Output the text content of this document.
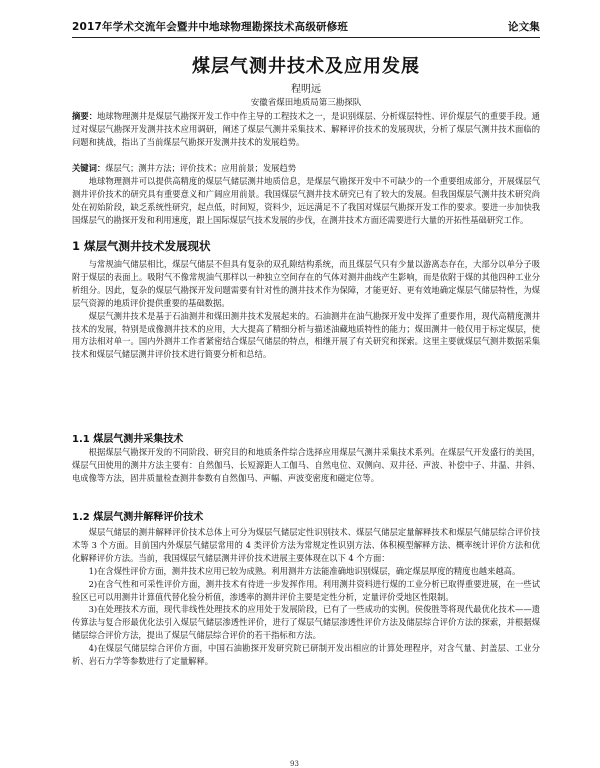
2017年学术交流年会暨井中地球物理勘探技术高级研修班	论文集
煤层气测井技术及应用发展
程明远
安徽省煤田地质局第三勘探队

摘要：地球物理测井是煤层气勘探开发工作中作主导的工程技术之一，是识别煤层、分析煤层特性、评价煤层气的重要手段。通过对煤层气勘探开发测井技术应用调研，阐述了煤层气测井采集技术、解释评价技术的发展现状，分析了煤层气测井技术面临的问题和挑战，指出了当前煤层气勘探开发测井技术的发展趋势。

关键词：煤层气；测井方法；评价技术；应用前景；发展趋势

地球物理测井可以提供高精度的煤层气储层测井地质信息，是煤层气勘探开发中不可缺少的一个重要组成部分，开展煤层气测井评价技术的研究具有重要意义和广阔应用前景。我国煤层气测井技术研究已有了较大的发展。但我国煤层气测井技术研究尚处在初始阶段，缺乏系统性研究，起点低，时间短，资料少，远远满足不了我国对煤层气勘探开发工作的要求。要进一步加快我国煤层气的勘探开发和利用速度，跟上国际煤层气技术发展的步伐，在测井技术方面还需要进行大量的开拓性基础研究工作。

1 煤层气测井技术发展现状

与常规油气储层相比，煤层气储层不但具有复杂的双孔隙结构系统，而且煤层气只有少量以游离态存在，大部分以单分子吸附于煤层的表面上。吸附气不像常规油气那样以一种独立空间存在的气体对测井曲线产生影响，而是依附于煤的其他四种工业分析组分。因此，复杂的煤层气勘探开发问题需要有针对性的测井技术作为保障，才能更好、更有效地确定煤层气储层特性，为煤层气资源的地质评价提供重要的基础数据。

煤层气测井技术是基于石油测井和煤田测井技术发展起来的。石油测井在油气勘探开发中发挥了重要作用，现代高精度测井技术的发展，特别是成像测井技术的应用，大大提高了精细分析与描述油藏地质特性的能力；煤田测井一般仅用于标定煤层，使用方法相对单一。国内外测井工作者紧密结合煤层气储层的特点，相继开展了有关研究和探索。这里主要就煤层气测井数据采集技术和煤层气储层测井评价技术进行简要分析和总结。

1.1 煤层气测井采集技术

根据煤层气勘探开发的不同阶段、研究目的和地质条件综合选择应用煤层气测井采集技术系列。在煤层气开发盛行的美国，煤层气田使用的测井方法主要有：自然伽马、长短源距人工伽马、自然电位、双侧向、双井径、声波、补偿中子、井温、井斜、电成像等方法，固井质量检查测井参数有自然伽马、声幅、声波变密度和磁定位等。

1.2 煤层气测井解释评价技术

煤层气储层的测井解释评价技术总体上可分为煤层气储层定性识别技术、煤层气储层定量解释技术和煤层气储层综合评价技术等 3 个方面。目前国内外煤层气储层常用的 4 类评价方法为常规定性识别方法、体积模型解释方法、概率统计评价方法和优化解释评价方法。当前，我国煤层气储层测井评价技术进展主要体现在以下 4 个方面：

1)在含煤性评价方面，测井技术应用已较为成熟。利用测井方法能准确地识别煤层，确定煤层厚度的精度也越来越高。

2)在含气性和可采性评价方面，测井技术有待进一步发挥作用。利用测井资料进行煤的工业分析已取得重要进展，在一些试验区已可以用测井计算值代替化验分析值，渗透率的测井评价主要是定性分析，定量评价受地区性限制。

3)在处理技术方面，现代非线性处理技术的应用处于发展阶段，已有了一些成功的实例。侯俊胜等将现代最优化技术——遗传算法与复合形最优化法引入煤层气储层渗透性评价，进行了煤层气储层渗透性评价方法及储层综合评价方法的探索，并根据煤储层综合评价方法，提出了煤层气储层综合评价的若干指标和方法。

4)在煤层气储层综合评价方面，中国石油勘探开发研究院已研制开发出相应的计算处理程序，对含气量、封盖层、工业分析、岩石力学等参数进行了定量解释。

93
